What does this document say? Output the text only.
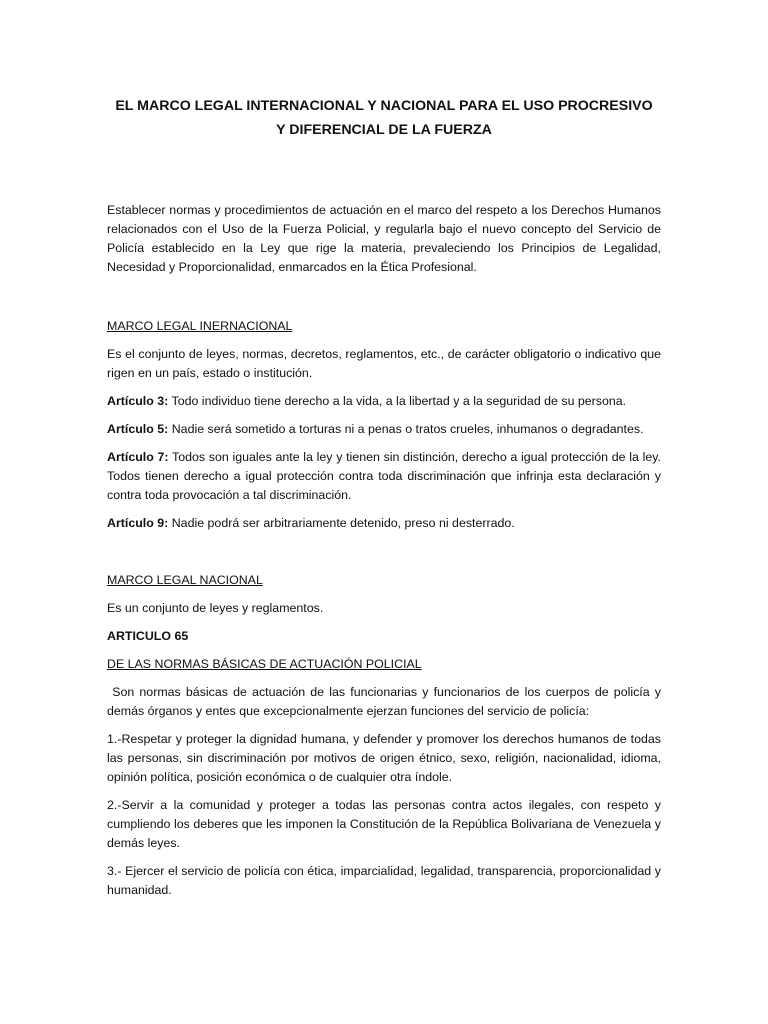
EL MARCO LEGAL INTERNACIONAL Y NACIONAL PARA EL USO PROCRESIVO
Y DIFERENCIAL DE LA FUERZA

Establecer normas y procedimientos de actuación en el marco del respeto a los Derechos Humanos relacionados con el Uso de la Fuerza Policial, y regularla bajo el nuevo concepto del Servicio de Policía establecido en la Ley que rige la materia, prevaleciendo los Principios de Legalidad, Necesidad y Proporcionalidad, enmarcados en la Ética Profesional.

MARCO LEGAL INERNACIONAL

Es el conjunto de leyes, normas, decretos, reglamentos, etc., de carácter obligatorio o indicativo que rigen en un país, estado o institución.

Artículo 3: Todo individuo tiene derecho a la vida, a la libertad y a la seguridad de su persona.

Artículo 5: Nadie será sometido a torturas ni a penas o tratos crueles, inhumanos o degradantes.

Artículo 7: Todos son iguales ante la ley y tienen sin distinción, derecho a igual protección de la ley. Todos tienen derecho a igual protección contra toda discriminación que infrinja esta declaración y contra toda provocación a tal discriminación.

Artículo 9: Nadie podrá ser arbitrariamente detenido, preso ni desterrado.

MARCO LEGAL NACIONAL

Es un conjunto de leyes y reglamentos.

ARTICULO 65

DE LAS NORMAS BÁSICAS DE ACTUACIÓN POLICIAL

Son normas básicas de actuación de las funcionarias y funcionarios de los cuerpos de policía y demás órganos y entes que excepcionalmente ejerzan funciones del servicio de policía:

1.-Respetar y proteger la dignidad humana, y defender y promover los derechos humanos de todas las personas, sin discriminación por motivos de origen étnico, sexo, religión, nacionalidad, idioma, opinión política, posición económica o de cualquier otra índole.

2.-Servir a la comunidad y proteger a todas las personas contra actos ilegales, con respeto y cumpliendo los deberes que les imponen la Constitución de la República Bolivariana de Venezuela y demás leyes.

3.- Ejercer el servicio de policía con ética, imparcialidad, legalidad, transparencia, proporcionalidad y humanidad.
